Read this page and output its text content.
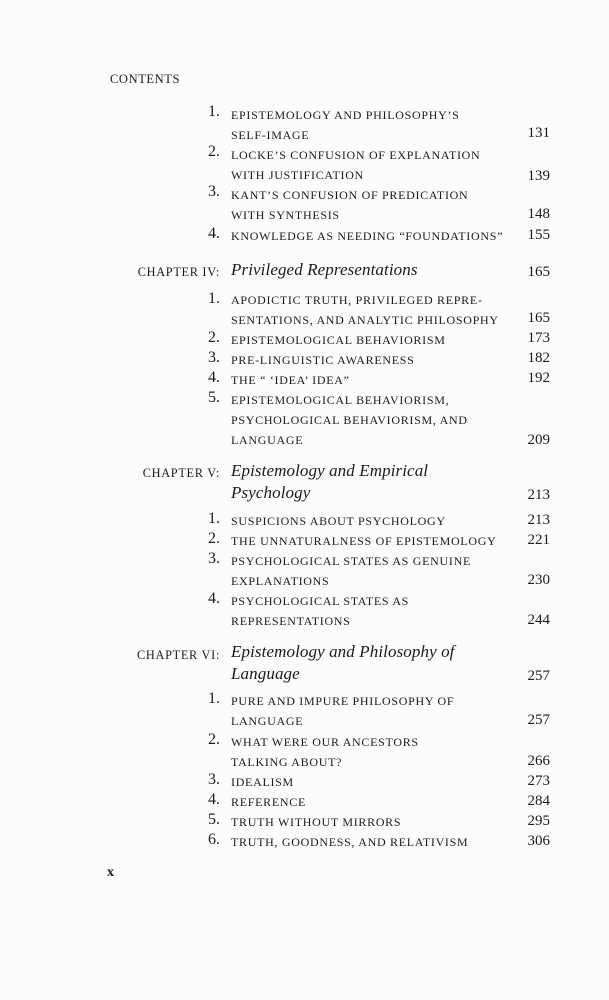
CONTENTS
1. EPISTEMOLOGY AND PHILOSOPHY’S
SELF-IMAGE	131
2. LOCKE’S CONFUSION OF EXPLANATION
WITH JUSTIFICATION	139
3. KANT’S CONFUSION OF PREDICATION
WITH SYNTHESIS	148
4. KNOWLEDGE AS NEEDING “FOUNDATIONS” 155
CHAPTER IV: Privileged Representations	165
1. APODICTIC TRUTH, PRIVILEGED REPRE-
SENTATIONS, AND ANALYTIC PHILOSOPHY 165
2. EPISTEMOLOGICAL BEHAVIORISM	173
3. PRE-LINGUISTIC AWARENESS	182
4. THE “ ‘IDEA’ IDEA”	192
5. EPISTEMOLOGICAL BEHAVIORISM,
PSYCHOLOGICAL BEHAVIORISM, AND
LANGUAGE	209
CHAPTER V: Epistemology and Empirical
Psychology	213
1. SUSPICIONS ABOUT PSYCHOLOGY	213
2. THE UNNATURALNESS OF EPISTEMOLOGY 221
3. PSYCHOLOGICAL STATES AS GENUINE
EXPLANATIONS	230
4. PSYCHOLOGICAL STATES AS
REPRESENTATIONS	244
CHAPTER VI: Epistemology and Philosophy of
Language	257
1. PURE AND IMPURE PHILOSOPHY OF
LANGUAGE	257
2. WHAT WERE OUR ANCESTORS
TALKING ABOUT?	266
3. IDEALISM	273
4. REFERENCE	284
5. TRUTH WITHOUT MIRRORS	295
6. TRUTH, GOODNESS, AND RELATIVISM	306
x
